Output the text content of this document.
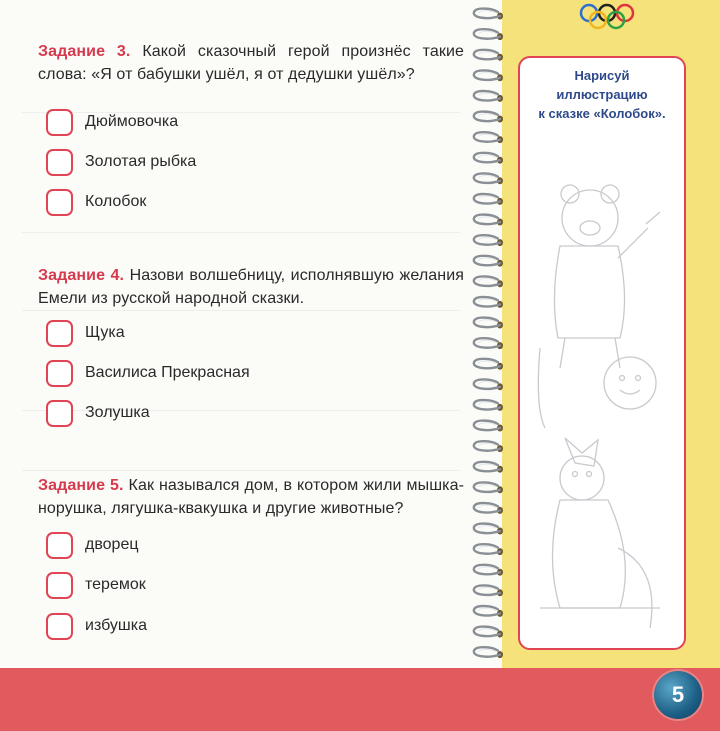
Задание 3. Какой сказочный герой произнёс такие слова: «Я от бабушки ушёл, я от дедушки ушёл»?
Дюймовочка
Золотая рыбка
Колобок
Задание 4. Назови волшебницу, исполнявшую желания Емели из русской народной сказки.
Щука
Василиса Прекрасная
Золушка
Задание 5. Как назывался дом, в котором жили мышка-норушка, лягушка-квакушка и другие животные?
дворец
теремок
избушка
Нарисуй
иллюстрацию
к сказке «Колобок».
5
